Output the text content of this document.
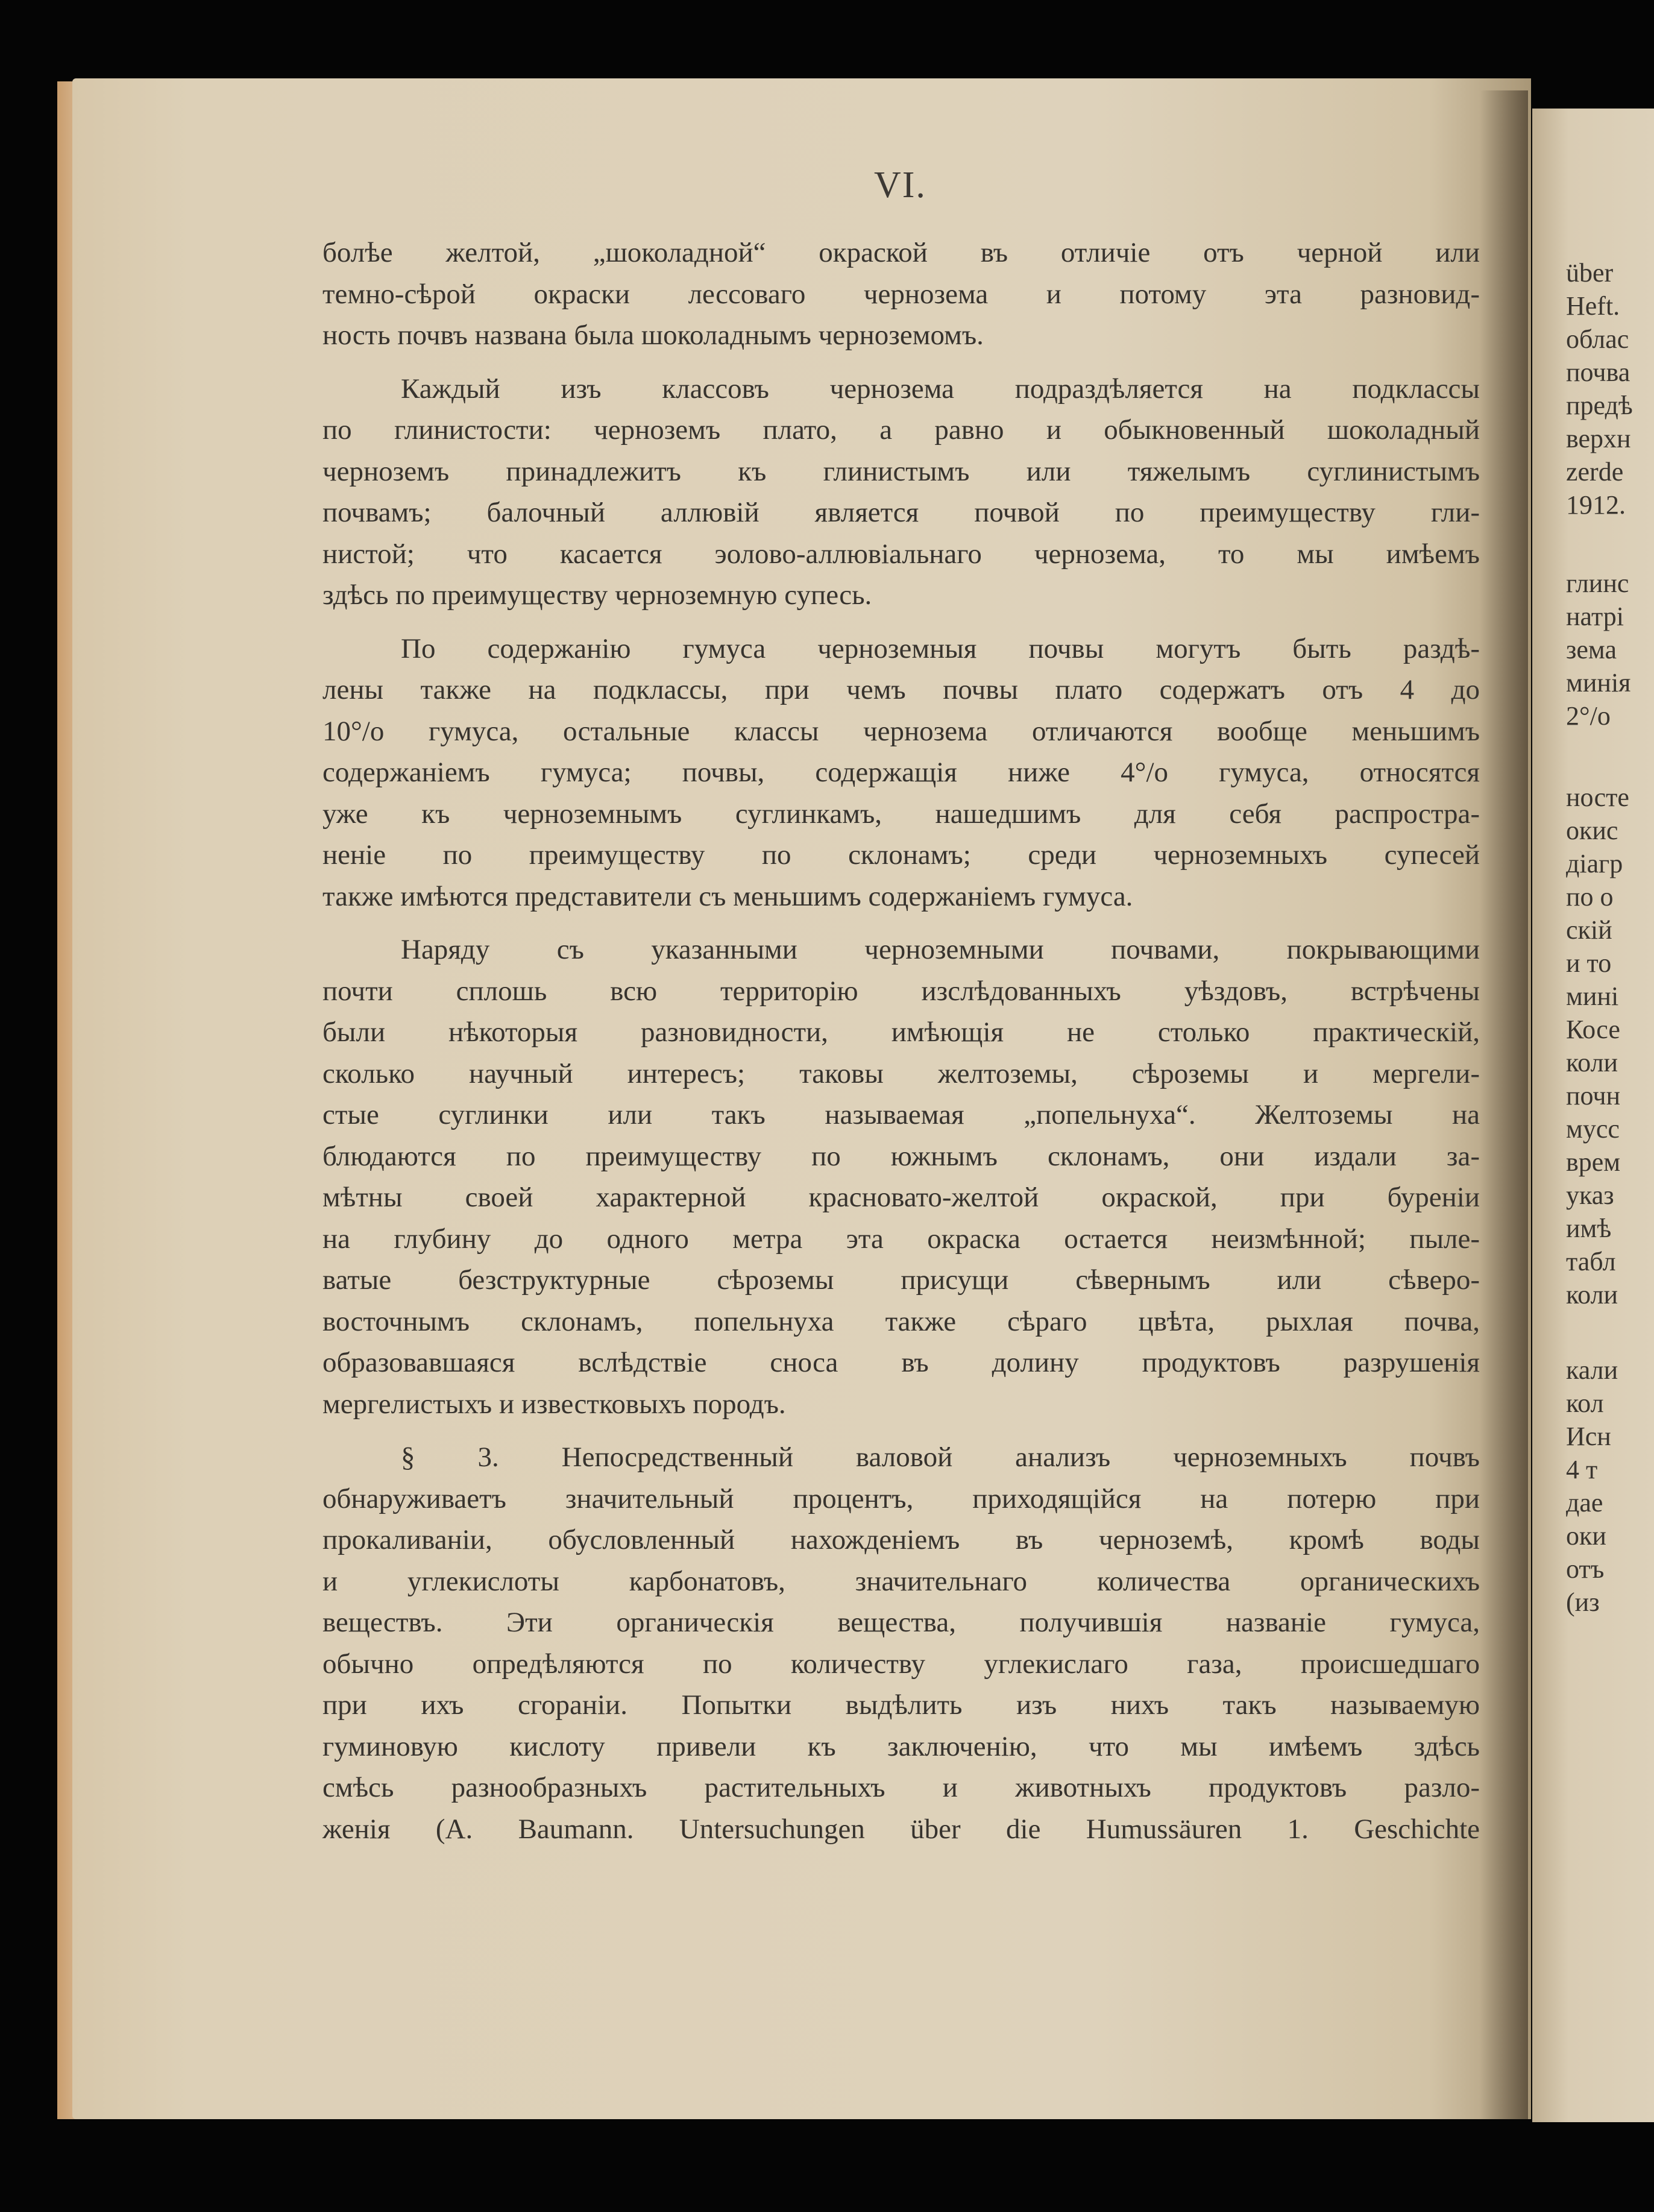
über
Heft.
облас
почва
предѣ
верхн
zerde
1912.
глинс
натрі
зема
минія
2°/o
носте
окис
діагр
по о
скій
и то
мині
Косе
коли
почн
мусс
врем
указ
имѣ
табл
коли
кали
кол
Исн
4 т
дае
оки
отъ
(из
VI.
болѣе желтой, „шоколадной“ окраской въ отличіе отъ черной или
темно-сѣрой окраски лессоваго чернозема и потому эта разновид-
ность почвъ названа была шоколаднымъ черноземомъ.
Каждый изъ классовъ чернозема подраздѣляется на подклассы
по глинистости: черноземъ плато, а равно и обыкновенный шоколадный
черноземъ принадлежитъ къ глинистымъ или тяжелымъ суглинистымъ
почвамъ; балочный аллювій является почвой по преимуществу гли-
нистой; что касается эолово-аллювіальнаго чернозема, то мы имѣемъ
здѣсь по преимуществу черноземную супесь.
По содержанію гумуса черноземныя почвы могутъ быть раздѣ-
лены также на подклассы, при чемъ почвы плато содержатъ отъ 4 до
10°/o гумуса, остальные классы чернозема отличаются вообще меньшимъ
содержаніемъ гумуса; почвы, содержащія ниже 4°/o гумуса, относятся
уже къ черноземнымъ суглинкамъ, нашедшимъ для себя распростра-
неніе по преимуществу по склонамъ; среди черноземныхъ супесей
также имѣются представители съ меньшимъ содержаніемъ гумуса.
Наряду съ указанными черноземными почвами, покрывающими
почти сплошь всю территорію изслѣдованныхъ уѣздовъ, встрѣчены
были нѣкоторыя разновидности, имѣющія не столько практическій,
сколько научный интересъ; таковы желтоземы, сѣроземы и мергели-
стые суглинки или такъ называемая „попельнуха“. Желтоземы на
блюдаются по преимуществу по южнымъ склонамъ, они издали за-
мѣтны своей характерной красновато-желтой окраской, при буреніи
на глубину до одного метра эта окраска остается неизмѣнной; пыле-
ватые безструктурные сѣроземы присущи сѣвернымъ или сѣверо-
восточнымъ склонамъ, попельнуха также сѣраго цвѣта, рыхлая почва,
образовавшаяся вслѣдствіе сноса въ долину продуктовъ разрушенія
мергелистыхъ и известковыхъ породъ.
§ 3. Непосредственный валовой анализъ черноземныхъ почвъ
обнаруживаетъ значительный процентъ, приходящійся на потерю при
прокаливаніи, обусловленный нахожденіемъ въ черноземѣ, кромѣ воды
и углекислоты карбонатовъ, значительнаго количества органическихъ
веществъ. Эти органическія вещества, получившія названіе гумуса,
обычно опредѣляются по количеству углекислаго газа, происшедшаго
при ихъ сгораніи. Попытки выдѣлить изъ нихъ такъ называемую
гуминовую кислоту привели къ заключенію, что мы имѣемъ здѣсь
смѣсь разнообразныхъ растительныхъ и животныхъ продуктовъ разло-
женія (A. Baumann. Untersuchungen über die Humussäuren 1. Geschichte
